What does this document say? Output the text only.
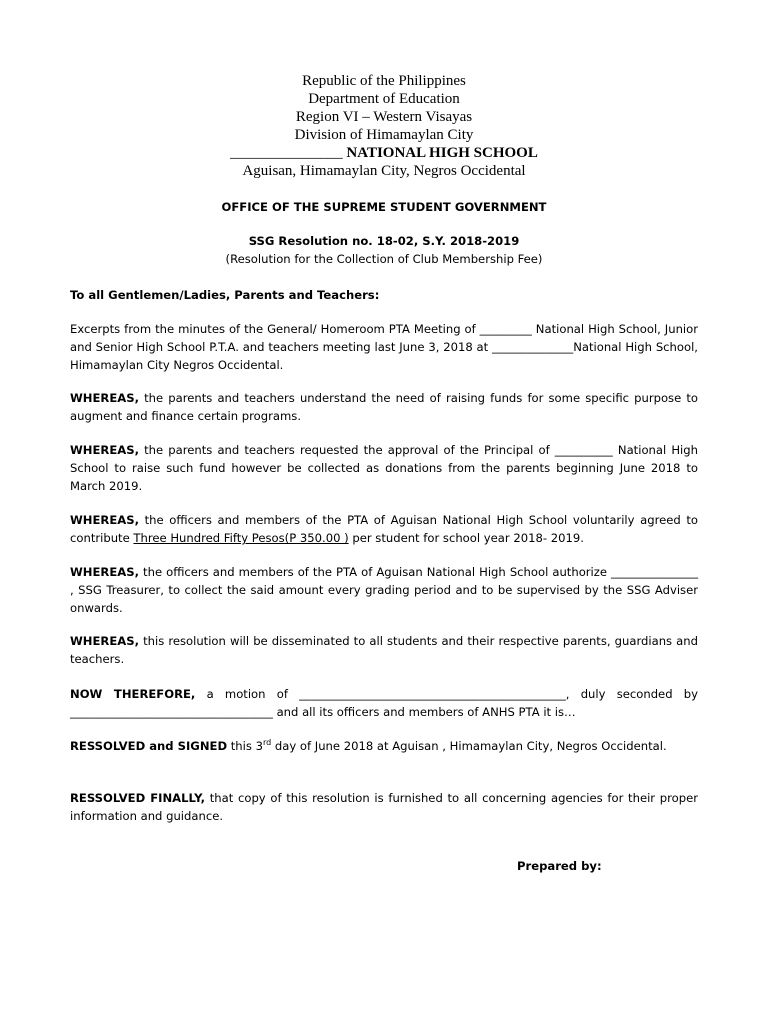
Republic of the Philippines
Department of Education
Region VI – Western Visayas
Division of Himamaylan City
_______________ NATIONAL HIGH SCHOOL
Aguisan, Himamaylan City, Negros Occidental
OFFICE OF THE SUPREME STUDENT GOVERNMENT
SSG Resolution no. 18-02, S.Y. 2018-2019
(Resolution for the Collection of Club Membership Fee)

To all Gentlemen/Ladies, Parents and Teachers:

Excerpts from the minutes of the General/ Homeroom PTA Meeting of _________ National High School, Junior and Senior High School P.T.A. and teachers meeting last June 3, 2018 at ______________National High School, Himamaylan City Negros Occidental.

WHEREAS, the parents and teachers understand the need of raising funds for some specific purpose to augment and finance certain programs.

WHEREAS, the parents and teachers requested the approval of the Principal of __________ National High School to raise such fund however be collected as donations from the parents beginning June 2018 to March 2019.

WHEREAS, the officers and members of the PTA of Aguisan National High School voluntarily agreed to contribute Three Hundred Fifty Pesos(P 350.00 ) per student for school year 2018- 2019.

WHEREAS, the officers and members of the PTA of Aguisan National High School authorize _______________ , SSG Treasurer, to collect the said amount every grading period and to be supervised by the SSG Adviser onwards.

WHEREAS, this resolution will be disseminated to all students and their respective parents, guardians and teachers.

NOW THEREFORE, a motion of ______________________________________________, duly seconded by ___________________________________ and all its officers and members of ANHS PTA it is…

RESSOLVED and SIGNED this 3rd day of June 2018 at Aguisan , Himamaylan City, Negros Occidental.

RESSOLVED FINALLY, that copy of this resolution is furnished to all concerning agencies for their proper information and guidance.

Prepared by:
